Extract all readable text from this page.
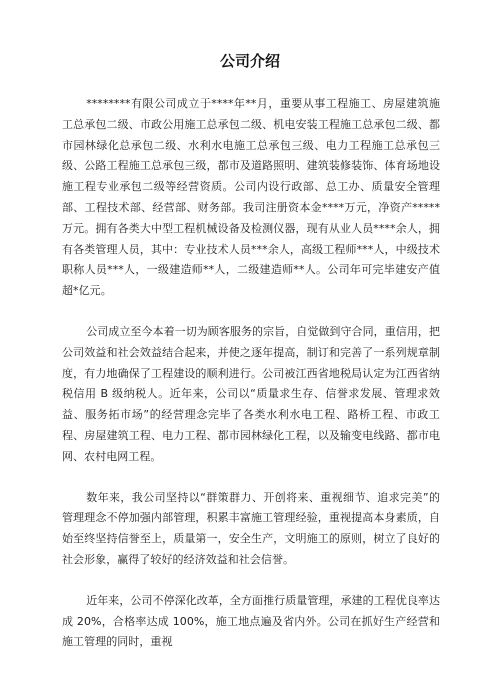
公司介绍

********有限公司成立于****年**月，重要从事工程施工、房屋建筑施工总承包二级、市政公用施工总承包二级、机电安装工程施工总承包二级、都市园林绿化总承包二级、水利水电施工总承包三级、电力工程施工总承包三级、公路工程施工总承包三级，都市及道路照明、建筑装修装饰、体育场地设施工程专业承包二级等经营资质。公司内设行政部、总工办、质量安全管理部、工程技术部、经营部、财务部。我司注册资本金****万元，净资产*****万元。拥有各类大中型工程机械设备及检测仪器，现有从业人员****余人，拥有各类管理人员，其中：专业技术人员***余人，高级工程师***人，中级技术职称人员***人，一级建造师**人，二级建造师**人。公司年可完毕建安产值超*亿元。

公司成立至今本着一切为顾客服务的宗旨，自觉做到守合同，重信用，把公司效益和社会效益结合起来，并使之逐年提高，制订和完善了一系列规章制度，有力地确保了工程建设的顺利进行。公司被江西省地税局认定为江西省纳税信用 B 级纳税人。近年来，公司以“质量求生存、信誉求发展、管理求效益、服务拓市场”的经营理念完毕了各类水利水电工程、路桥工程、市政工程、房屋建筑工程、电力工程、都市园林绿化工程，以及输变电线路、都市电网、农村电网工程。

数年来，我公司坚持以“群策群力、开创将来、重视细节、追求完美”的管理理念不停加强内部管理，积累丰富施工管理经验，重视提高本身素质，自始至终坚持信誉至上，质量第一，安全生产，文明施工的原则，树立了良好的社会形象，赢得了较好的经济效益和社会信誉。

近年来，公司不停深化改革，全方面推行质量管理，承建的工程优良率达成 20%，合格率达成 100%，施工地点遍及省内外。公司在抓好生产经营和施工管理的同时，重视
